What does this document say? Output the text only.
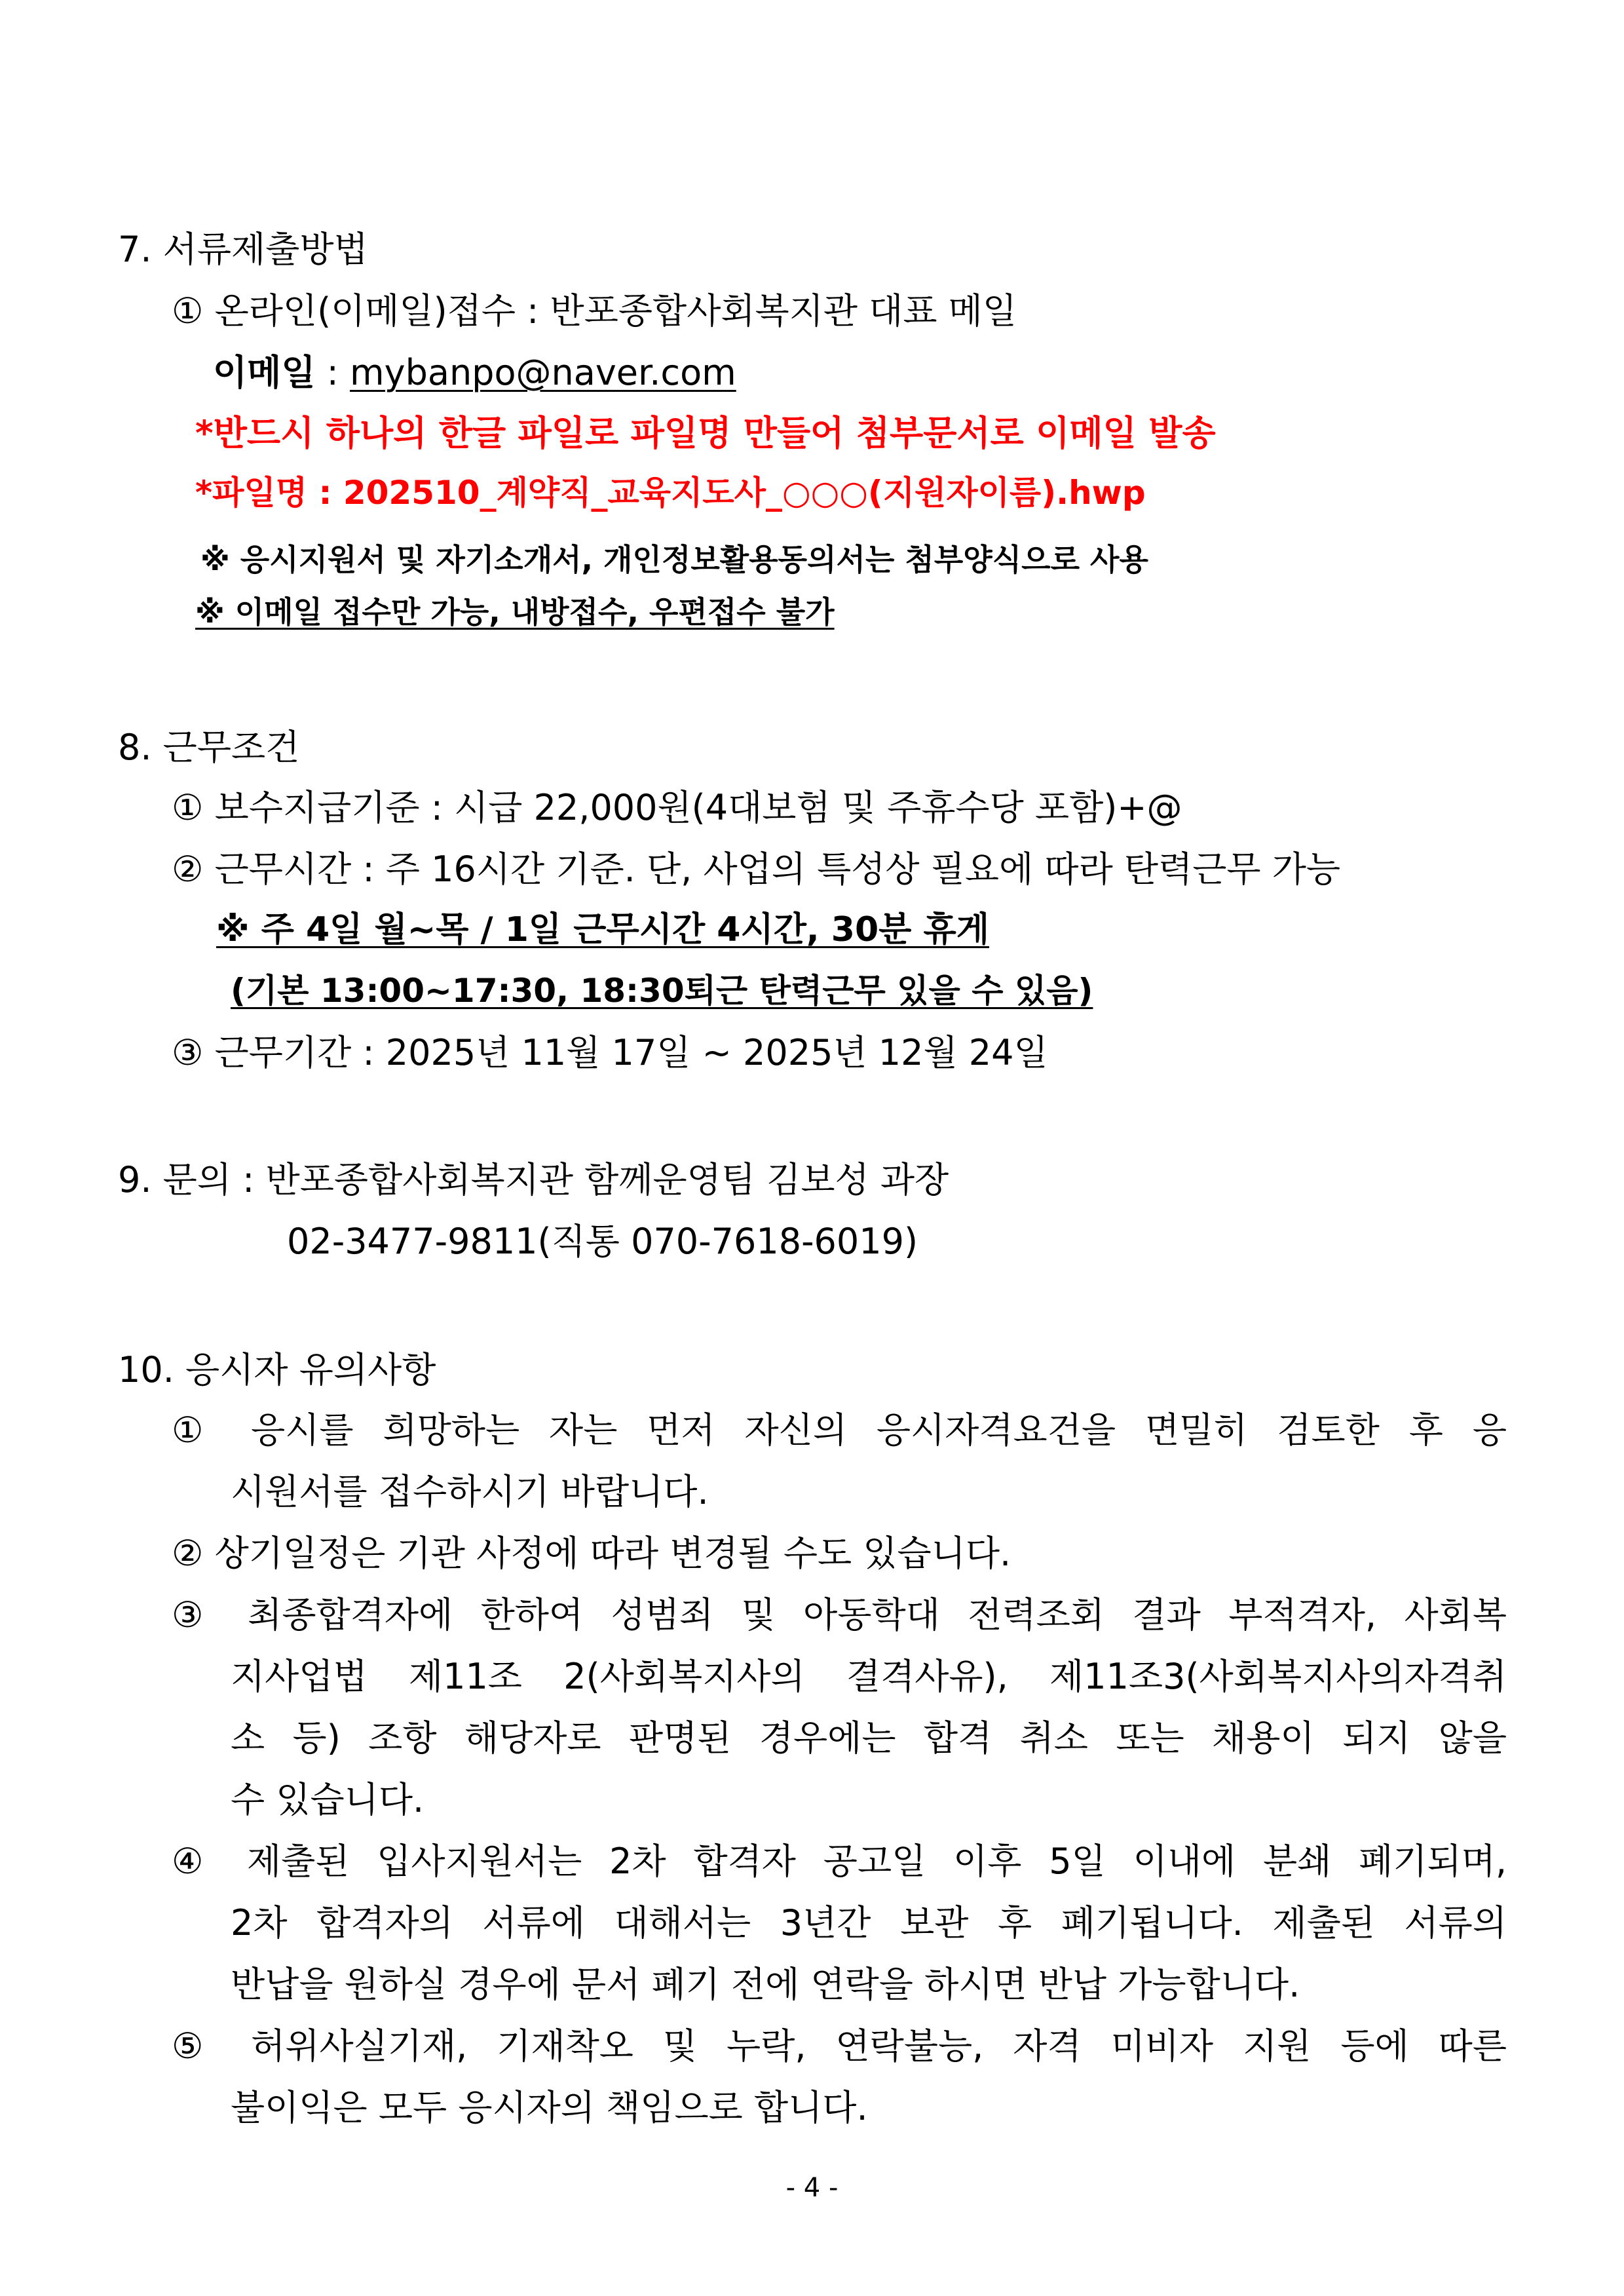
7. 서류제출방법
① 온라인(이메일)접수 : 반포종합사회복지관 대표 메일
이메일 : mybanpo@naver.com
*반드시 하나의 한글 파일로 파일명 만들어 첨부문서로 이메일 발송
*파일명 : 202510_계약직_교육지도사_○○○(지원자이름).hwp
※ 응시지원서 및 자기소개서, 개인정보활용동의서는 첨부양식으로 사용
※ 이메일 접수만 가능, 내방접수, 우편접수 불가
8. 근무조건
① 보수지급기준 : 시급 22,000원(4대보험 및 주휴수당 포함)+@
② 근무시간 : 주 16시간 기준. 단, 사업의 특성상 필요에 따라 탄력근무 가능
※ 주 4일 월~목 / 1일 근무시간 4시간, 30분 휴게
(기본 13:00~17:30, 18:30퇴근 탄력근무 있을 수 있음)
③ 근무기간 : 2025년 11월 17일 ~ 2025년 12월 24일
9. 문의 : 반포종합사회복지관 함께운영팀 김보성 과장
02-3477-9811(직통 070-7618-6019)
10. 응시자 유의사항
① 응시를 희망하는 자는 먼저 자신의 응시자격요건을 면밀히 검토한 후 응
시원서를 접수하시기 바랍니다.
② 상기일정은 기관 사정에 따라 변경될 수도 있습니다.
③ 최종합격자에 한하여 성범죄 및 아동학대 전력조회 결과 부적격자, 사회복
지사업법 제11조 2(사회복지사의 결격사유), 제11조3(사회복지사의자격취
소 등) 조항 해당자로 판명된 경우에는 합격 취소 또는 채용이 되지 않을
수 있습니다.
④ 제출된 입사지원서는 2차 합격자 공고일 이후 5일 이내에 분쇄 폐기되며,
2차 합격자의 서류에 대해서는 3년간 보관 후 폐기됩니다. 제출된 서류의
반납을 원하실 경우에 문서 폐기 전에 연락을 하시면 반납 가능합니다.
⑤ 허위사실기재, 기재착오 및 누락, 연락불능, 자격 미비자 지원 등에 따른
불이익은 모두 응시자의 책임으로 합니다.
- 4 -
